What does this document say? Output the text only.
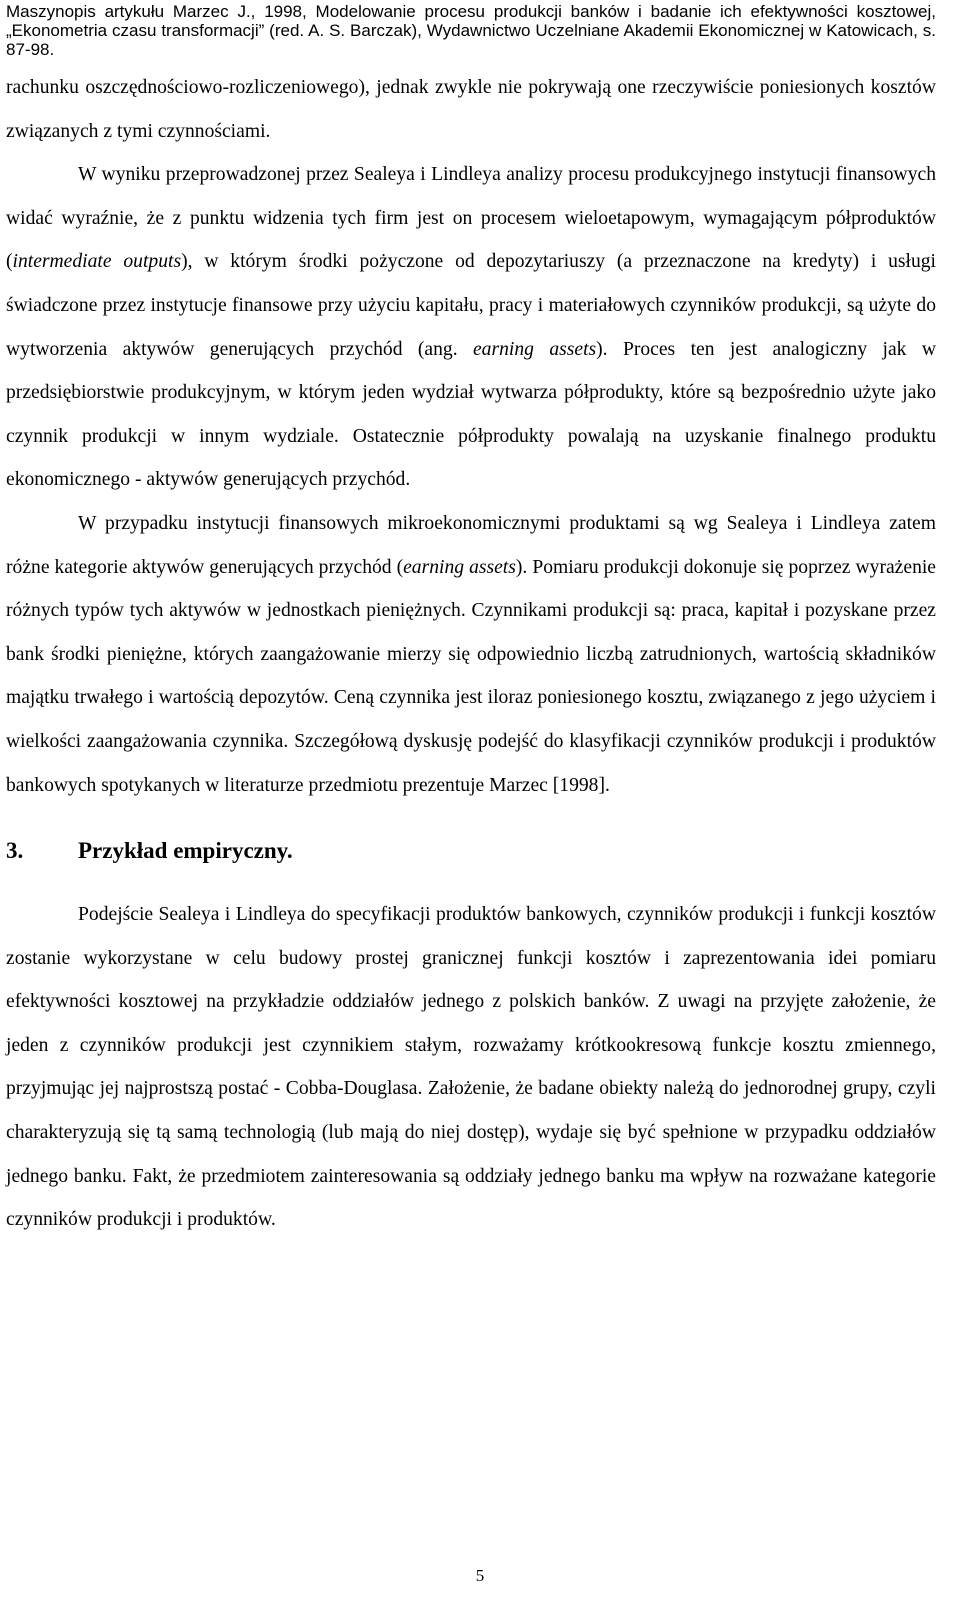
Maszynopis artykułu Marzec J., 1998, Modelowanie procesu produkcji banków i badanie ich efektywności kosztowej, „Ekonometria czasu transformacji” (red. A. S. Barczak), Wydawnictwo Uczelniane Akademii Ekonomicznej w Katowicach, s. 87-98.

rachunku oszczędnościowo-rozliczeniowego), jednak zwykle nie pokrywają one rzeczywiście poniesionych kosztów związanych z tymi czynnościami.

W wyniku przeprowadzonej przez Sealeya i Lindleya analizy procesu produkcyjnego instytucji finansowych widać wyraźnie, że z punktu widzenia tych firm jest on procesem wieloetapowym, wymagającym półproduktów (intermediate outputs), w którym środki pożyczone od depozytariuszy (a przeznaczone na kredyty) i usługi świadczone przez instytucje finansowe przy użyciu kapitału, pracy i materiałowych czynników produkcji, są użyte do wytworzenia aktywów generujących przychód (ang. earning assets). Proces ten jest analogiczny jak w przedsiębiorstwie produkcyjnym, w którym jeden wydział wytwarza półprodukty, które są bezpośrednio użyte jako czynnik produkcji w innym wydziale. Ostatecznie półprodukty powalają na uzyskanie finalnego produktu ekonomicznego - aktywów generujących przychód.

W przypadku instytucji finansowych mikroekonomicznymi produktami są wg Sealeya i Lindleya zatem różne kategorie aktywów generujących przychód (earning assets). Pomiaru produkcji dokonuje się poprzez wyrażenie różnych typów tych aktywów w jednostkach pieniężnych. Czynnikami produkcji są: praca, kapitał i pozyskane przez bank środki pieniężne, których zaangażowanie mierzy się odpowiednio liczbą zatrudnionych, wartością składników majątku trwałego i wartością depozytów. Ceną czynnika jest iloraz poniesionego kosztu, związanego z jego użyciem i wielkości zaangażowania czynnika. Szczegółową dyskusję podejść do klasyfikacji czynników produkcji i produktów bankowych spotykanych w literaturze przedmiotu prezentuje Marzec [1998].

3. Przykład empiryczny.

Podejście Sealeya i Lindleya do specyfikacji produktów bankowych, czynników produkcji i funkcji kosztów zostanie wykorzystane w celu budowy prostej granicznej funkcji kosztów i zaprezentowania idei pomiaru efektywności kosztowej na przykładzie oddziałów jednego z polskich banków. Z uwagi na przyjęte założenie, że jeden z czynników produkcji jest czynnikiem stałym, rozważamy krótkookresową funkcje kosztu zmiennego, przyjmując jej najprostszą postać - Cobba-Douglasa. Założenie, że badane obiekty należą do jednorodnej grupy, czyli charakteryzują się tą samą technologią (lub mają do niej dostęp), wydaje się być spełnione w przypadku oddziałów jednego banku. Fakt, że przedmiotem zainteresowania są oddziały jednego banku ma wpływ na rozważane kategorie czynników produkcji i produktów.

5
